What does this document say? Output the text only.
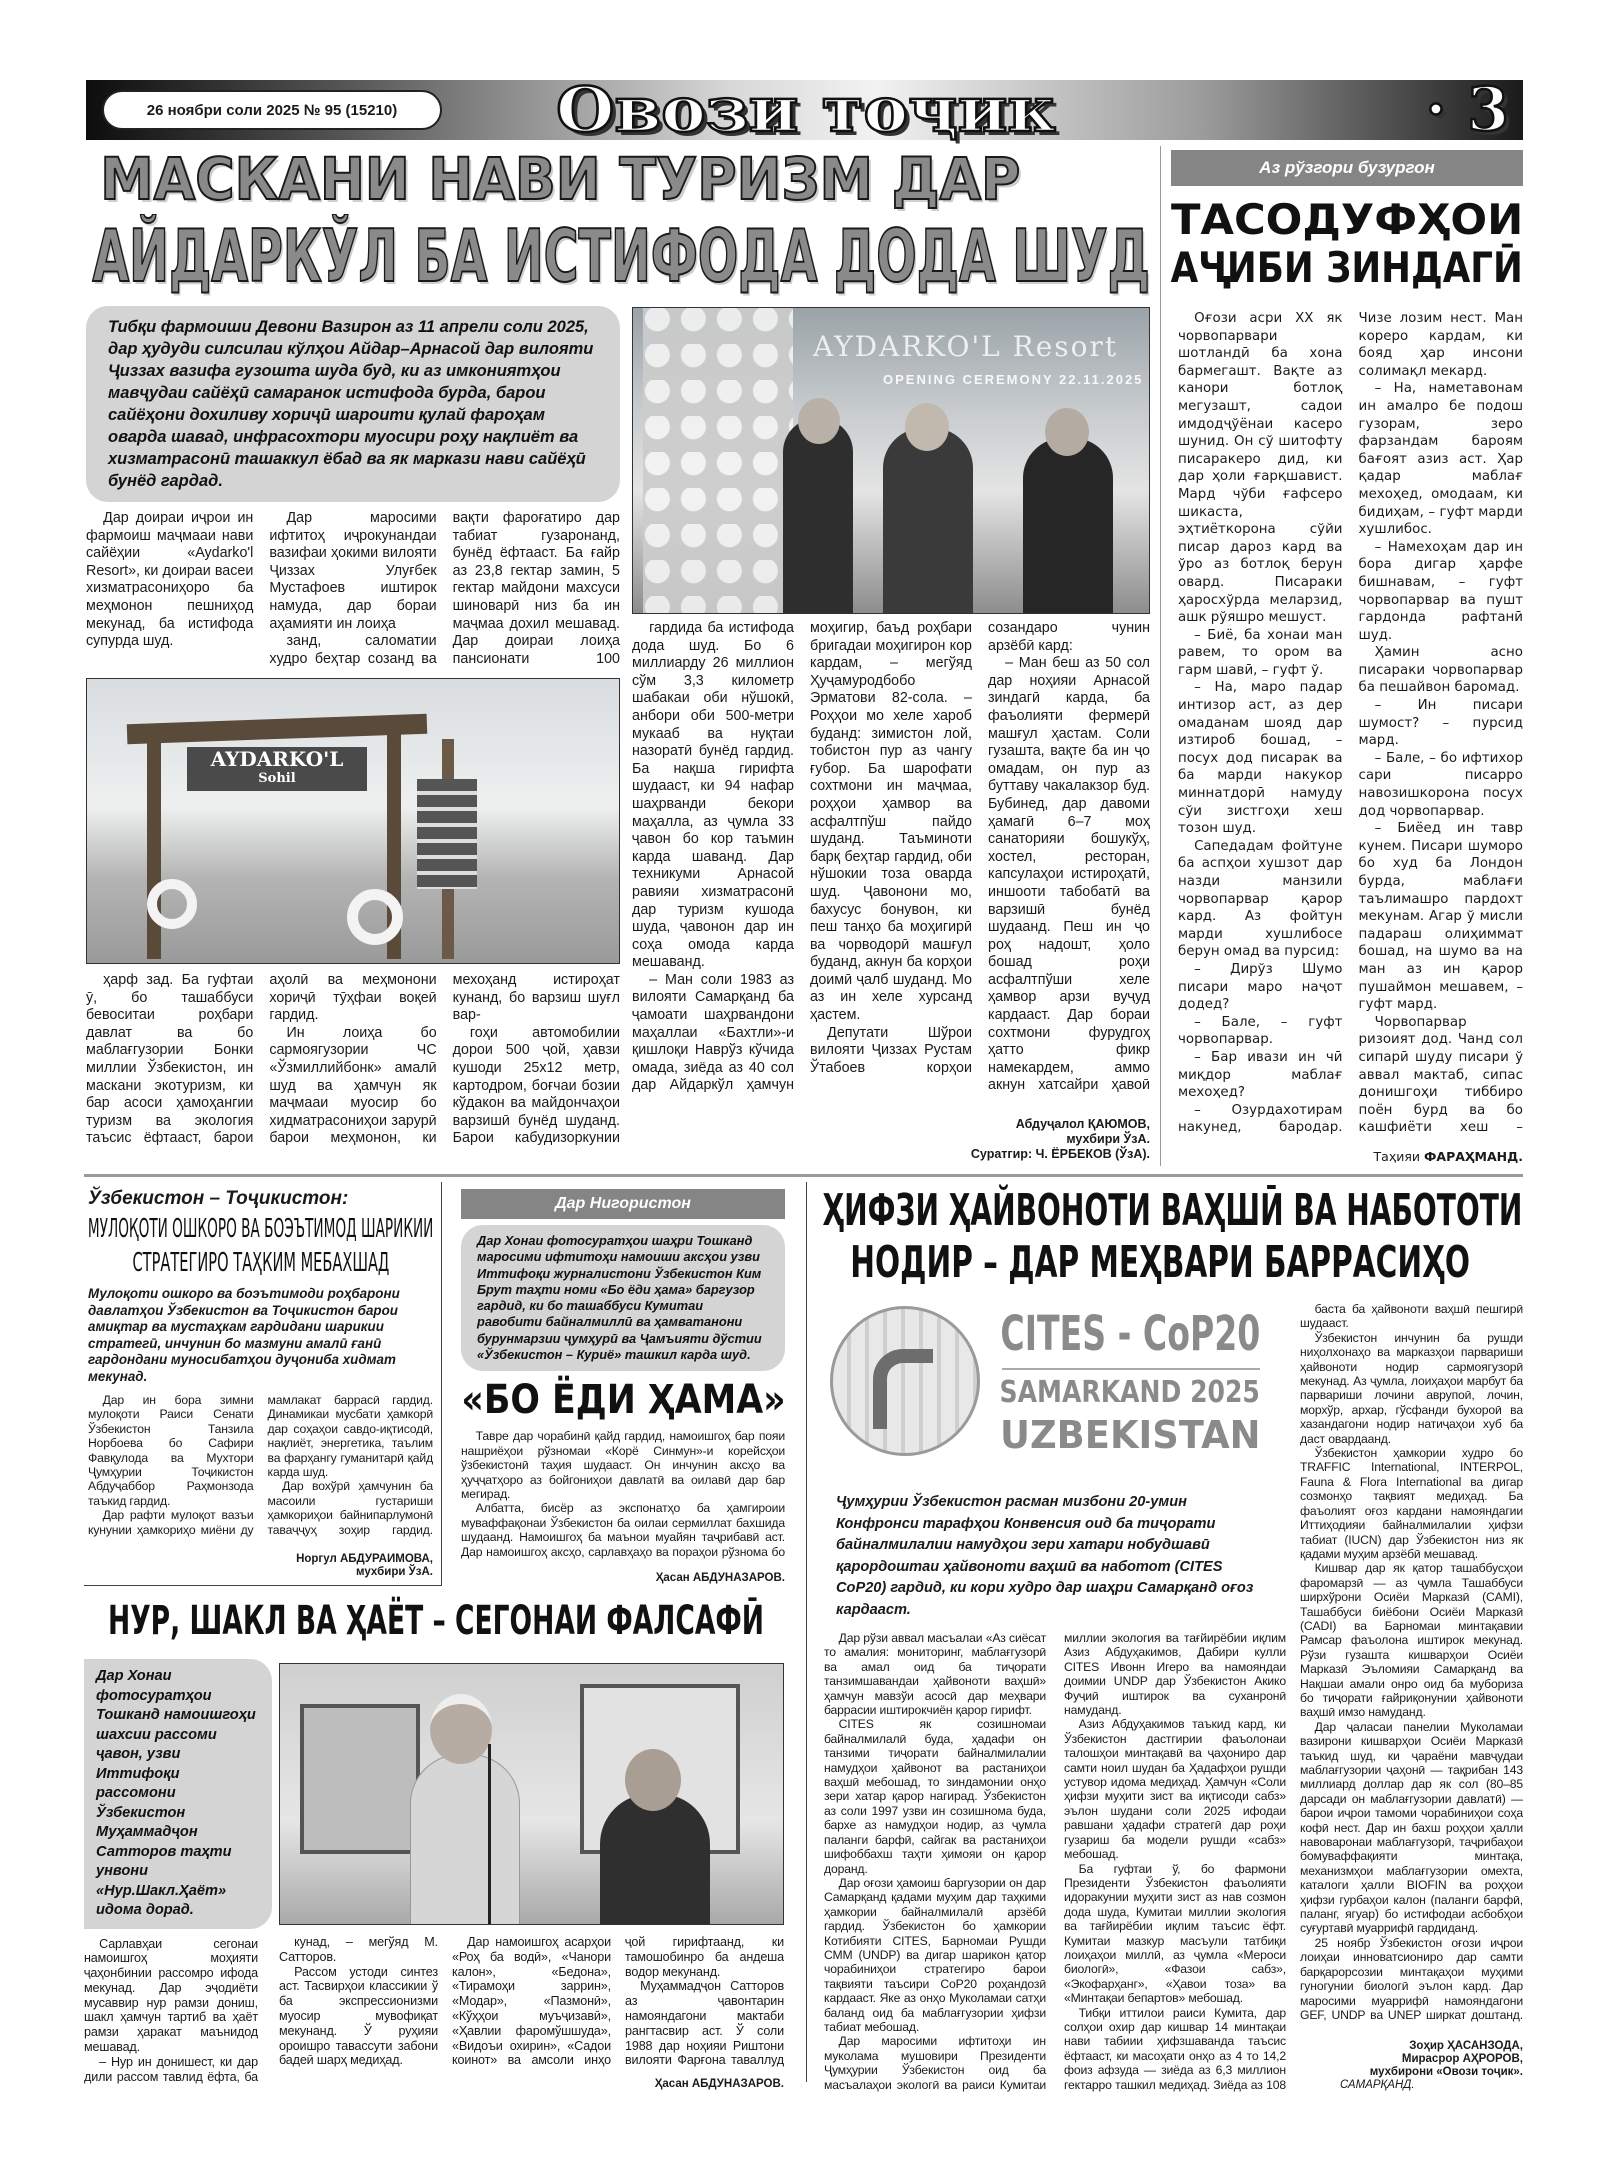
26 ноябри соли 2025 № 95 (15210)	Овози тоҷик	· 3
МАСКАНИ НАВИ ТУРИЗМ ДАР
АЙДАРКЎЛ БА ИСТИФОДА ДОДА ШУД
Тибқи фармоиши Девони Вазирон аз 11 апрели соли 2025, дар ҳудуди силсилаи кўлҳои Айдар–Арнасой дар вилояти Ҷиззах вазифа гузошта шуда буд, ки аз имкониятҳои мавҷудаи сайёҳӣ самаранок истифода бурда, барои сайёҳони дохиливу хориҷӣ шароити қулай фароҳам оварда шавад, инфрасохтори муосири роҳу нақлиёт ва хизматрасонӣ ташаккул ёбад ва як маркази нави сайёҳӣ бунёд гардад.

Дар доираи иҷрои ин фармоиш маҷмааи нави сайёҳии «Aydarko'l Resort», ки доираи васеи хизматрасониҳоро ба меҳмонон пешниҳод мекунад, ба истифода супурда шуд.

Дар маросими ифтитоҳ иҷрокунандаи вазифаи ҳокими вилояти Ҷиззах Улуғбек Мустафоев иштирок намуда, дар бораи аҳамияти ин лоиҳа

занд, саломатии худро беҳтар созанд ва вақти фароғатиро дар табиат гузаронанд, бунёд ёфтааст. Ба ғайр аз 23,8 гектар замин, 5 гектар майдони махсуси шиноварӣ низ ба ин маҷмаа дохил мешавад. Дар доираи лоиҳа пансионати 100

AYDARKO'L
Sohil

ҳарф зад. Ба гуфтаи ӯ, бо ташаббуси бевоситаи роҳбари давлат ва бо маблағгузории Бонки миллии Ўзбекистон, ин маскани экотуризм, ки бар асоси ҳамоҳангии туризм ва экология таъсис ёфтааст, барои аҳолӣ ва меҳмонони хориҷӣ тӯҳфаи воқеӣ гардид.

Ин лоиҳа бо сармоягузории ЧС «Ўзмиллийбонк» амалӣ шуд ва ҳамчун як маҷмааи муосир бо хидматрасониҳои зарурӣ барои меҳмонон, ки мехоҳанд истироҳат кунанд, бо варзиш шуғл вар-

гоҳи автомобилии дорои 500 ҷой, ҳавзи кушоди 25х12 метр, картодром, боғчаи бозии кўдакон ва майдончаҳои варзишӣ бунёд шуданд. Барои кабудизоркунии

AYDARKO'L Resort
OPENING CEREMONY 22.11.2025

гардида ба истифода дода шуд. Бо 6 миллиарду 26 миллион сўм 3,3 километр шабакаи оби нўшокӣ, анбори оби 500-метри мукааб ва нуқтаи назоратӣ бунёд гардид. Ба нақша гирифта шудааст, ки 94 нафар шаҳрванди бекори маҳалла, аз ҷумла 33 ҷавон бо кор таъмин карда шаванд. Дар техникуми Арнасой равияи хизматрасонӣ дар туризм кушода шуда, ҷавонон дар ин соҳа омода карда мешаванд.

– Ман соли 1983 аз вилояти Самарқанд ба ҷамоати шаҳрвандони маҳаллаи «Бахтли»-и қишлоқи Наврўз кўчида омада, зиёда аз 40 сол дар Айдаркўл ҳамчун моҳигир, баъд роҳбари бригадаи моҳигирон кор кардам, – мегўяд Ҳуҷамуродбобо Эрматови 82-сола. – Роҳҳои мо хеле хароб буданд: зимистон лой, тобистон пур аз чангу ғубор. Ба шарофати сохтмони ин маҷмаа, роҳҳои ҳамвор ва асфалтпўш пайдо шуданд. Таъминоти барқ беҳтар гардид, оби нўшокии тоза оварда шуд. Ҷавонони мо, бахусус бонувон, ки пеш танҳо ба моҳигирӣ ва чорводорӣ машғул буданд, акнун ба корҳои доимӣ ҷалб шуданд. Мо аз ин хеле хурсанд ҳастем.

Депутати Шўрои вилояти Ҷиззах Рустам Ўтабоев корҳои созандаро чунин арзёбӣ кард:

– Ман беш аз 50 сол дар ноҳияи Арнасой зиндагӣ карда, ба фаъолияти фермерӣ машғул ҳастам. Соли гузашта, вақте ба ин ҷо омадам, он пур аз буттаву чакалакзор буд. Бубинед, дар давоми ҳамагӣ 6–7 моҳ санаторияи бошукўҳ, хостел, ресторан, капсулаҳои истироҳатӣ, иншооти табобатӣ ва варзишӣ бунёд шудаанд. Пеш ин ҷо роҳ надошт, ҳоло бошад роҳи асфалтпўши хеле ҳамвор арзи вуҷуд кардааст. Дар бораи сохтмони фурудгоҳ ҳатто фикр намекардем, аммо акнун хатсайри ҳавоӣ

Абдуҷалол ҚАЮМОВ,

мухбири ЎзА.

Суратгир: Ч. ЁРБЕКОВ (ЎзА).

Аз рўзгори бузургон
ТАСОДУФҲОИ
АҶИБИ ЗИНДАГӢ

Оғози асри XX як чорвопарвари шотландӣ ба хона бармегашт. Вақте аз канори ботлоқ мегузашт, садои имдодҷўёнаи касеро шунид. Он сў шитофту писаракеро дид, ки дар ҳоли ғарқшавист. Мард чўби ғафсеро шикаста, эҳтиёткорона сўйи писар дароз кард ва ўро аз ботлоқ берун овард. Писараки ҳаросхўрда меларзид, ашк рўяшро мешуст.

– Биё, ба хонаи ман равем, то ором ва гарм шавӣ, – гуфт ў.

– На, маро падар интизор аст, аз дер омаданам шояд дар изтироб бошад, – посух дод писарак ва ба марди накукор миннатдорӣ намуду сўи зистгоҳи хеш тозон шуд.

Сапедадам фойтуне ба аспҳои хушзот дар назди манзили чорвопарвар қарор кард. Аз фойтун марди хушлибосе берун омад ва пурсид:

– Дирўз Шумо писари маро наҷот додед?

– Бале, – гуфт чорвопарвар.

– Бар ивази ин чӣ миқдор маблағ мехоҳед?

– Озурдахотирам накунед, бародар. Чизе лозим нест. Ман кореро кардам, ки бояд ҳар инсони солимақл мекард.

– На, наметавонам ин амалро бе подош гузорам, зеро фарзандам бароям бағоят азиз аст. Ҳар қадар маблағ мехоҳед, омодаам, ки бидиҳам, – гуфт марди хушлибос.

– Намехоҳам дар ин бора дигар ҳарфе бишнавам, – гуфт чорвопарвар ва пушт гардонда рафтанӣ шуд.

Ҳамин асно писараки чорвопарвар ба пешайвон баромад.

– Ин писари шумост? – пурсид мард.

– Бале, – бо ифтихор сари писарро навозишкорона посух дод чорвопарвар.

– Биёед ин тавр кунем. Писари шуморо бо худ ба Лондон бурда, маблағи таълимашро пардохт мекунам. Агар ў мисли падараш олиҳиммат бошад, на шумо ва на ман аз ин қарор пушаймон мешавем, – гуфт мард.

Чорвопарвар ризоият дод. Чанд сол сипарӣ шуду писари ў аввал мактаб, сипас донишгоҳи тиббиро поён бурд ва бо кашфиёти хеш –

Таҳияи ФАРАҲМАНД.

Ўзбекистон – Тоҷикистон:
МУЛОҚОТИ ОШКОРО ВА БОЭЪТИМОД ШАРИКИИ
СТРАТЕГИРО ТАҲКИМ МЕБАХШАД
Мулоқоти ошкоро ва боэътимоди роҳбарони давлатҳои Ўзбекистон ва Тоҷикистон барои амиқтар ва мустаҳкам гардидани шарикии стратегӣ, инчунин бо мазмуни амалӣ ғанӣ гардондани муносибатҳои дуҷониба хидмат мекунад.

Дар ин бора зимни мулоқоти Раиси Сенати Ўзбекистон Танзила Норбоева бо Сафири Фавқулода ва Мухтори Ҷумҳурии Тоҷикистон Абдуҷаббор Раҳмонзода таъкид гардид.

Дар рафти мулоқот вазъи кунунии ҳамкориҳо миёни ду мамлакат баррасӣ гардид. Динамикаи мусбати ҳамкорӣ дар соҳаҳои савдо-иқтисодӣ, нақлиёт, энергетика, таълим ва фарҳангу гуманитарӣ қайд карда шуд.

Дар вохўрӣ ҳамчунин ба масоили густариши ҳамкориҳои байнипарлумонӣ таваҷҷуҳ зоҳир гардид.

Норгул АБДУРАИМОВА,

мухбири ЎзА.

Дар Нигористон
Дар Хонаи фотосуратҳои шаҳри Тошканд маросими ифтитоҳи намоиши аксҳои узви Иттифоқи журналистони Ўзбекистон Ким Брут таҳти номи «Бо ёди ҳама» баргузор гардид, ки бо ташаббуси Кумитаи равобити байналмиллӣ ва ҳамватанони бурунмарзии ҷумҳурӣ ва Ҷамъияти дўстии «Ўзбекистон – Куриё» ташкил карда шуд.
«БО ЁДИ ҲАМА»

Тавре дар чорабинӣ қайд гардид, намоишгоҳ бар пояи нашриёҳои рўзномаи «Корё Синмун»-и корейсҳои ўзбекистонӣ таҳия шудааст. Он инчунин аксҳо ва ҳуҷҷатҳоро аз бойгониҳои давлатӣ ва оилавӣ дар бар мегирад.

Албатта, бисёр аз экспонатҳо ба ҳамгироии муваффақонаи Ўзбекистон ба оилаи сермиллат бахшида шудаанд. Намоишгоҳ ба маънои муайян таҷрибавӣ аст. Дар намоишгоҳ аксҳо, сарлавҳаҳо ва пораҳои рўзнома бо

Ҳасан АБДУНАЗАРОВ.

ҲИФЗИ ҲАЙВОНОТИ ВАҲШӢ ВА НАБОТОТИ
НОДИР – ДАР МЕҲВАРИ БАРРАСИҲО
CITES - CoP20
SAMARKAND 2025
UZBEKISTAN
Ҷумҳурии Ўзбекистон расман мизбони 20-умин Конфронси тарафҳои Конвенсия оид ба тиҷорати байналмилалии намудҳои зери хатари нобудшавӣ қарордоштаи ҳайвоноти ваҳшӣ ва наботот (CITES CoP20) гардид, ки кори худро дар шаҳри Самарқанд оғоз кардааст.

Дар рўзи аввал масъалаи «Аз сиёсат то амалия: мониторинг, маблағгузорӣ ва амал оид ба тиҷорати танзимшавандаи ҳайвоноти ваҳшӣ» ҳамчун мавзўи асосӣ дар меҳвари баррасии иштирокчиён қарор гирифт.

CITES як созишномаи байналмилалӣ буда, ҳадафи он танзими тиҷорати байналмилалии намудҳои ҳайвонот ва растаниҳои ваҳшӣ мебошад, то зиндамонии онҳо зери хатар қарор нагирад. Ўзбекистон аз соли 1997 узви ин созишнома буда, бархе аз намудҳои нодир, аз ҷумла паланги барфӣ, сайгак ва растаниҳои шифоббахш таҳти ҳимояи он қарор доранд.

Дар оғози ҳамоиш баргузории он дар Самарқанд қадами муҳим дар таҳкими ҳамкории байналмилалӣ арзёбӣ гардид. Ўзбекистон бо ҳамкории Котибияти CITES, Барномаи Рушди СММ (UNDP) ва дигар шарикон қатор чорабиниҳои стратегиро барои тақвияти таъсири CoP20 роҳандозӣ кардааст. Яке аз онҳо Муколамаи сатҳи баланд оид ба маблағгузории ҳифзи табиат мебошад.

Дар маросими ифтитоҳи ин муколама мушовири Президенти Ҷумҳурии Ўзбекистон оид ба масъалаҳои экологӣ ва раиси Кумитаи миллии экология ва тағйирёбии иқлим Азиз Абдуҳакимов, Дабири кулли CITES Ивонн Игеро ва намояндаи доимии UNDP дар Ўзбекистон Акико Фуҷиӣ иштирок ва суханронӣ намуданд.

Азиз Абдуҳакимов таъкид кард, ки Ўзбекистон дастгирии фаъолонаи талошҳои минтақавӣ ва ҷаҳониро дар самти ноил шудан ба Ҳадафҳои рушди устувор идома медиҳад. Ҳамчун «Соли ҳифзи муҳити зист ва иқтисоди сабз» эълон шудани соли 2025 ифодаи равшани ҳадафи стратегӣ дар роҳи гузариш ба модели рушди «сабз» мебошад.

Ба гуфтаи ў, бо фармони Президенти Ўзбекистон фаъолияти идоракунии муҳити зист аз нав созмон дода шуда, Кумитаи миллии экология ва тағйирёбии иқлим таъсис ёфт. Кумитаи мазкур масъули татбиқи лоиҳаҳои миллӣ, аз ҷумла «Мероси биологӣ», «Фазои сабз», «Экофарҳанг», «Ҳавои тоза» ва «Минтақаи бепартов» мебошад.

Тибқи иттилои раиси Кумита, дар солҳои охир дар кишвар 14 минтақаи нави табиии ҳифзшаванда таъсис ёфтааст, ки масоҳати онҳо аз 4 то 14,2 фоиз афзуда — зиёда аз 6,3 миллион гектарро ташкил медиҳад. Зиёда аз 108

баста ба ҳайвоноти ваҳшӣ пешгирӣ шудааст.

Ўзбекистон инчунин ба рушди ниҳолхонаҳо ва марказҳои парвариши ҳайвоноти нодир сармоягузорӣ мекунад. Аз ҷумла, лоиҳаҳои марбут ба парвариши лочини аврупоӣ, лочин, морхўр, архар, гўсфанди бухороӣ ва хазандагони нодир натиҷаҳои хуб ба даст овардаанд.

Ўзбекистон ҳамкории худро бо TRAFFIC International, INTERPOL, Fauna & Flora International ва дигар созмонҳо тақвият медиҳад. Ба фаъолият оғоз кардани намояндагии Иттиҳодияи байналмилалии ҳифзи табиат (IUCN) дар Ўзбекистон низ як қадами муҳим арзёбӣ мешавад.

Кишвар дар як қатор ташаббусҳои фаромарзӣ — аз ҷумла Ташаббуси ширхўрони Осиёи Марказӣ (CAMI), Ташаббуси биёбони Осиёи Марказӣ (CADI) ва Барномаи минтақавии Рамсар фаъолона иштирок мекунад. Рўзи гузашта кишварҳои Осиёи Марказӣ Эъломияи Самарқанд ва Нақшаи амали онро оид ба мубориза бо тиҷорати ғайриқонунии ҳайвоноти ваҳшӣ имзо намуданд.

Дар ҷаласаи панелии Муколамаи вазирони кишварҳои Осиёи Марказӣ таъкид шуд, ки ҷараёни мавҷудаи маблағгузории ҷаҳонӣ — тақрибан 143 миллиард доллар дар як сол (80–85 дарсади он маблағгузории давлатӣ) — барои иҷрои тамоми чорабиниҳои соҳа кофӣ нест. Дар ин бахш роҳҳои ҳалли навоваронаи маблағгузорӣ, таҷрибаҳои бомуваффақияти минтақа, механизмҳои маблағгузории омехта, каталоги ҳалли BIOFIN ва роҳҳои ҳифзи гурбаҳои калон (паланги барфӣ, паланг, ягуар) бо истифодаи асбобҳои суғуртавӣ муаррифӣ гардиданд.

25 ноябр Ўзбекистон оғози иҷрои лоиҳаи инноватсиониро дар самти барқарорсозии минтақаҳои муҳими гуногунии биологӣ эълон кард. Дар маросими муаррифӣ намояндагони GEF, UNDP ва UNEP ширкат доштанд.

Зоҳир ҲАСАНЗОДА,

Мирасрор АҲРОРОВ,

мухбирони «Овози тоҷик».

САМАРҚАНД.

НУР, ШАКЛ ВА ҲАЁТ – СЕГОНАИ ФАЛСАФӢ
Дар Хонаи фотосуратҳои Тошканд намоишгоҳи шахсии рассоми ҷавон, узви Иттифоқи рассомони Ўзбекистон Муҳаммадҷон Сатторов таҳти унвони «Нур.Шакл.Ҳаёт» идома дорад.

Сарлавҳаи сегонаи намоишгоҳ моҳияти ҷаҳонбинии рассомро ифода мекунад. Дар эҷодиёти мусаввир нур рамзи дониш, шакл ҳамчун тартиб ва ҳаёт рамзи ҳаракат маънидод мешавад.

– Нур ин донишест, ки дар дили рассом тавлид ёфта, ба

кунад, – мегўяд М. Сатторов.

Рассом устоди синтез аст. Тасвирҳои классикии ў ба экспрессионизми муосир мувофиқат мекунанд. Ў руҳияи ороишро тавассути забони бадеӣ шарҳ медиҳад.

Дар намоишгоҳ асарҳои «Роҳ ба водӣ», «Чанори калон», «Бедона», «Тирамоҳи заррин», «Модар», «Пазмонӣ», «Кўҳҳои муъҷизавӣ», «Ҳавлии фаромўшшуда», «Видоъи охирин», «Садои коинот» ва амсоли инҳо ҷой гирифтаанд, ки тамошобинро ба андеша водор мекунанд.

Муҳаммадҷон Сатторов аз ҷавонтарин намояндагони мактаби рангтасвир аст. Ў соли 1988 дар ноҳияи Риштони вилояти Фарғона таваллуд

Ҳасан АБДУНАЗАРОВ.
